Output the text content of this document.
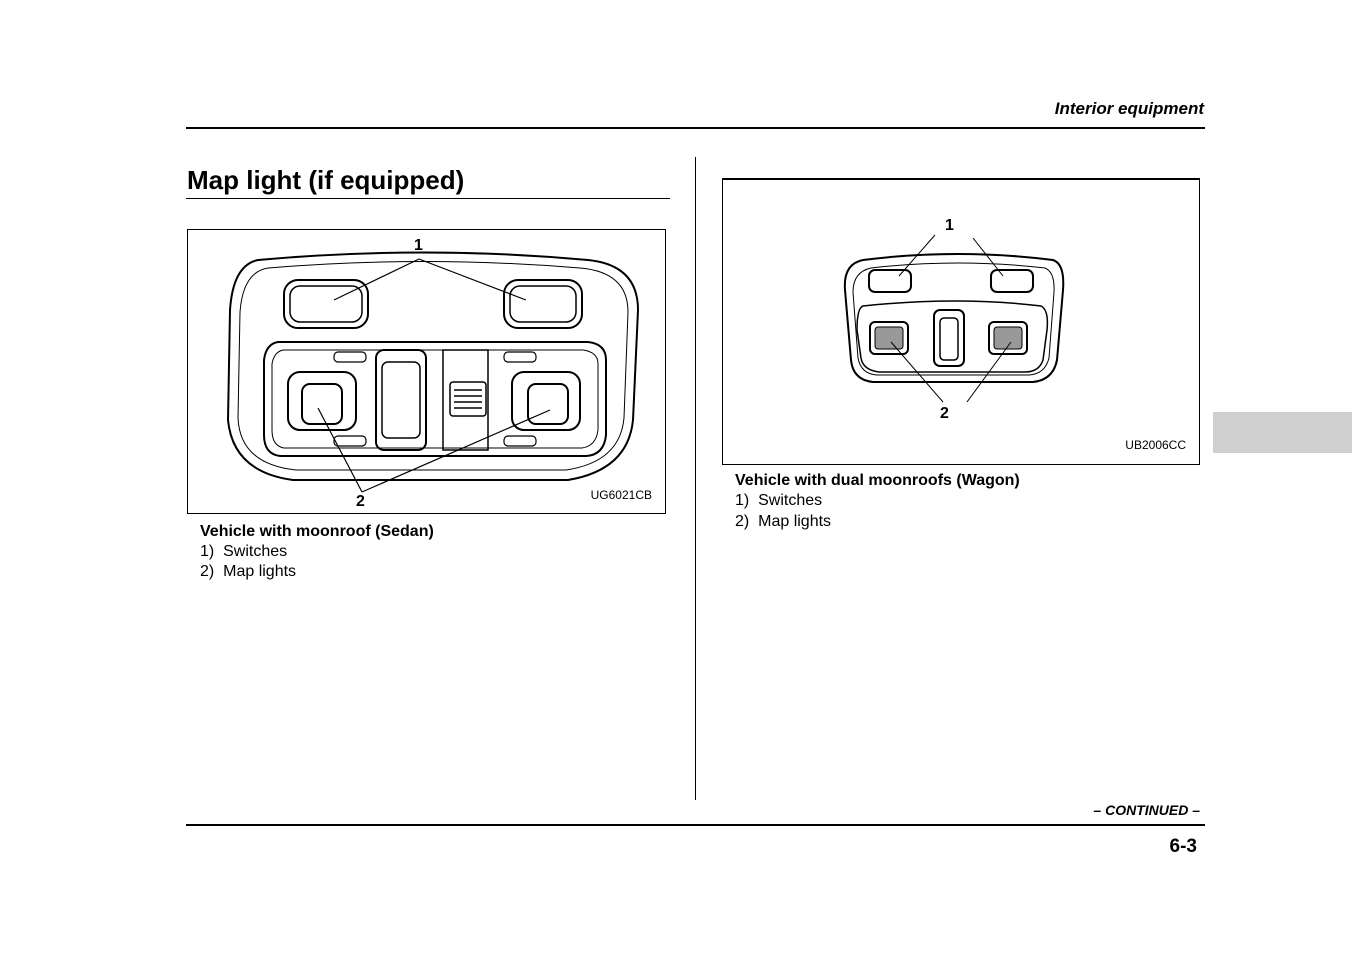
Interior equipment
Map light (if equipped)
1
2	UG6021CB
Vehicle with moonroof (Sedan)
1)  Switches
2)  Map lights
1
2
UB2006CC
Vehicle with dual moonroofs (Wagon)
1)  Switches
2)  Map lights
– CONTINUED –
6-3
